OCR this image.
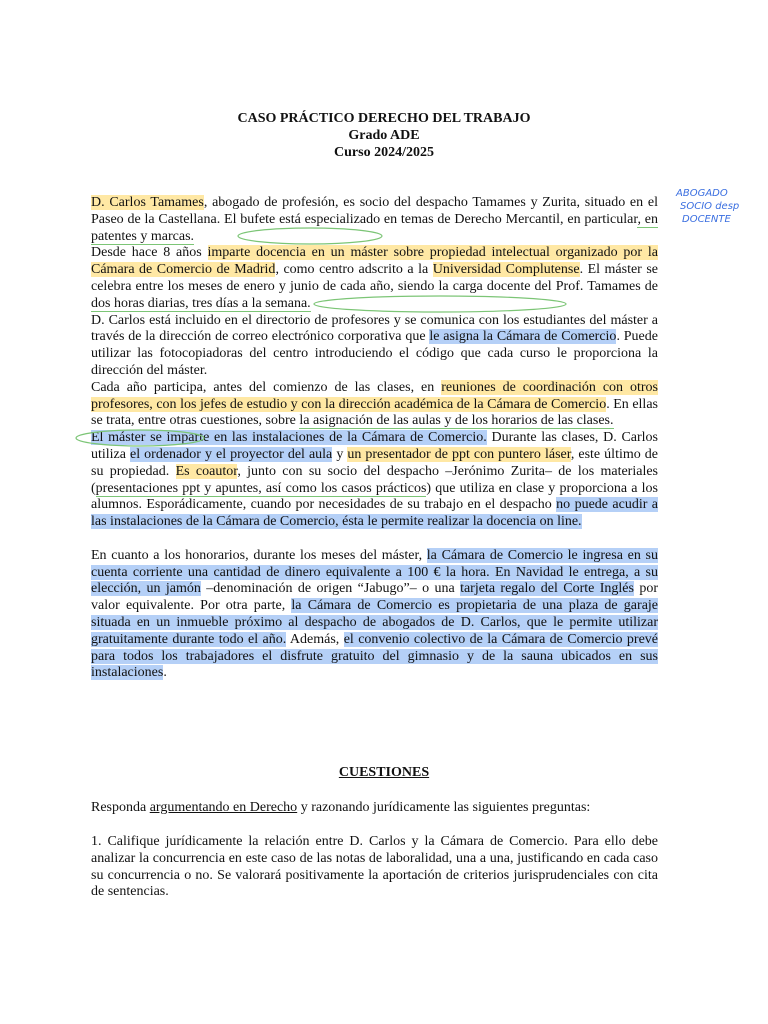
CASO PRÁCTICO DERECHO DEL TRABAJO
Grado ADE
Curso 2024/2025

D. Carlos Tamames, abogado de profesión, es socio del despacho Tamames y Zurita, situado en el Paseo de la Castellana. El bufete está especializado en temas de Derecho Mercantil, en particular, en patentes y marcas.

Desde hace 8 años imparte docencia en un máster sobre propiedad intelectual organizado por la Cámara de Comercio de Madrid, como centro adscrito a la Universidad Complutense. El máster se celebra entre los meses de enero y junio de cada año, siendo la carga docente del Prof. Tamames de dos horas diarias, tres días a la semana.

D. Carlos está incluido en el directorio de profesores y se comunica con los estudiantes del máster a través de la dirección de correo electrónico corporativa que le asigna la Cámara de Comercio. Puede utilizar las fotocopiadoras del centro introduciendo el código que cada curso le proporciona la dirección del máster.

Cada año participa, antes del comienzo de las clases, en reuniones de coordinación con otros profesores, con los jefes de estudio y con la dirección académica de la Cámara de Comercio. En ellas se trata, entre otras cuestiones, sobre la asignación de las aulas y de los horarios de las clases.

El máster se imparte en las instalaciones de la Cámara de Comercio. Durante las clases, D. Carlos utiliza el ordenador y el proyector del aula y un presentador de ppt con puntero láser, este último de su propiedad. Es coautor, junto con su socio del despacho –Jerónimo Zurita– de los materiales (presentaciones ppt y apuntes, así como los casos prácticos) que utiliza en clase y proporciona a los alumnos. Esporádicamente, cuando por necesidades de su trabajo en el despacho no puede acudir a las instalaciones de la Cámara de Comercio, ésta le permite realizar la docencia on line.

En cuanto a los honorarios, durante los meses del máster, la Cámara de Comercio le ingresa en su cuenta corriente una cantidad de dinero equivalente a 100 € la hora. En Navidad le entrega, a su elección, un jamón –denominación de origen “Jabugo”– o una tarjeta regalo del Corte Inglés por valor equivalente. Por otra parte, la Cámara de Comercio es propietaria de una plaza de garaje situada en un inmueble próximo al despacho de abogados de D. Carlos, que le permite utilizar gratuitamente durante todo el año. Además, el convenio colectivo de la Cámara de Comercio prevé para todos los trabajadores el disfrute gratuito del gimnasio y de la sauna ubicados en sus instalaciones.

CUESTIONES
Responda argumentando en Derecho y razonando jurídicamente las siguientes preguntas:
1. Califique jurídicamente la relación entre D. Carlos y la Cámara de Comercio. Para ello debe analizar la concurrencia en este caso de las notas de laboralidad, una a una, justificando en cada caso su concurrencia o no. Se valorará positivamente la aportación de criterios jurisprudenciales con cita de sentencias.
ABOGADO
SOCIO desp
DOCENTE
